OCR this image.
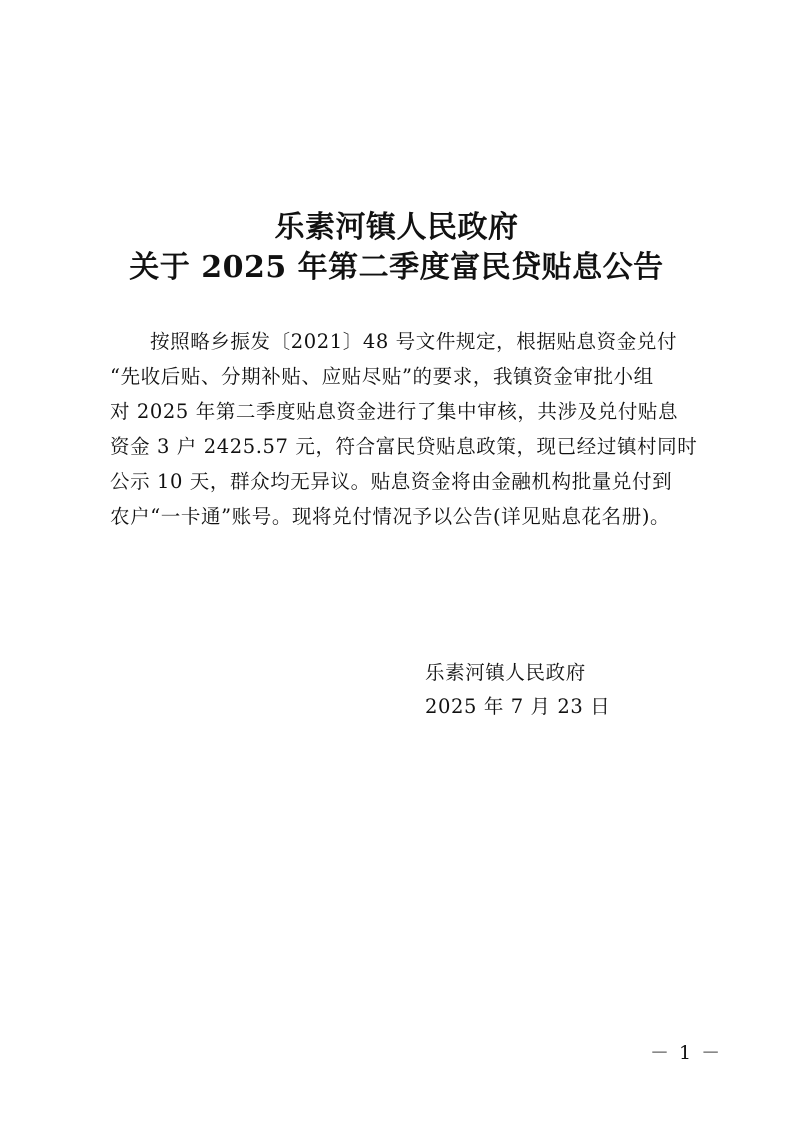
乐素河镇人民政府
关于 2025 年第二季度富民贷贴息公告
按照略乡振发〔2021〕48 号文件规定，根据贴息资金兑付
“先收后贴、分期补贴、应贴尽贴”的要求，我镇资金审批小组
对 2025 年第二季度贴息资金进行了集中审核，共涉及兑付贴息
资金 3 户 2425.57 元，符合富民贷贴息政策，现已经过镇村同时
公示 10 天，群众均无异议。贴息资金将由金融机构批量兑付到
农户“一卡通”账号。现将兑付情况予以公告(详见贴息花名册)。
乐素河镇人民政府
2025 年 7 月 23 日
－ 1 －
